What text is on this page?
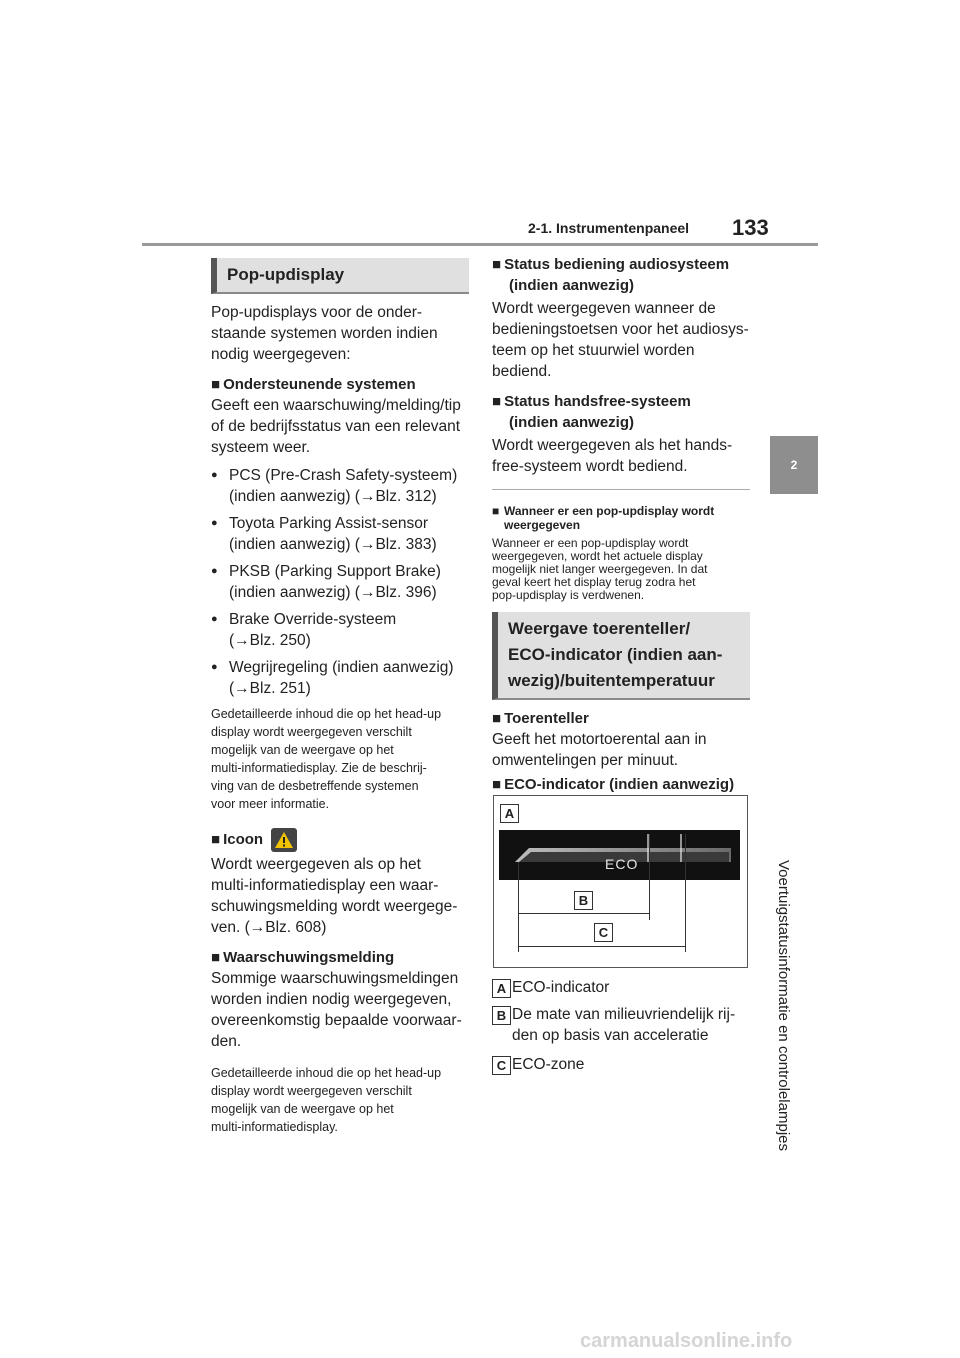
2-1. Instrumentenpaneel 133
2
Voertuigstatusinformatie en controlelampjes
Pop-updisplay

Pop-updisplays voor de onder-

staande systemen worden indien

nodig weergegeven:

■ Ondersteunende systemen

Geeft een waarschuwing/melding/tip

of de bedrijfsstatus van een relevant

systeem weer.

● PCS (Pre-Crash Safety-systeem)
(indien aanwezig) (→Blz. 312)
● Toyota Parking Assist-sensor
(indien aanwezig) (→Blz. 383)
● PKSB (Parking Support Brake)
(indien aanwezig) (→Blz. 396)
● Brake Override-systeem
(→Blz. 250)
● Wegrijregeling (indien aanwezig)
(→Blz. 251)

Gedetailleerde inhoud die op het head-up

display wordt weergegeven verschilt

mogelijk van de weergave op het

multi-informatiedisplay. Zie de beschrij-

ving van de desbetreffende systemen

voor meer informatie.

■ Icoon

Wordt weergegeven als op het

multi-informatiedisplay een waar-

schuwingsmelding wordt weergege-

ven. (→Blz. 608)

■ Waarschuwingsmelding

Sommige waarschuwingsmeldingen

worden indien nodig weergegeven,

overeenkomstig bepaalde voorwaar-

den.

Gedetailleerde inhoud die op het head-up

display wordt weergegeven verschilt

mogelijk van de weergave op het

multi-informatiedisplay.

■ Status bediening audiosysteem
(indien aanwezig)

Wordt weergegeven wanneer de

bedieningstoetsen voor het audiosys-

teem op het stuurwiel worden

bediend.

■ Status handsfree-systeem
(indien aanwezig)

Wordt weergegeven als het hands-

free-systeem wordt bediend.

■ Wanneer er een pop-updisplay wordt
weergegeven
Wanneer er een pop-updisplay wordt
weergegeven, wordt het actuele display
mogelijk niet langer weergegeven. In dat
geval keert het display terug zodra het
pop-updisplay is verdwenen.
Weergave toerenteller/
ECO-indicator (indien aan-
wezig)/buitentemperatuur
■ Toerenteller

Geeft het motortoerental aan in

omwentelingen per minuut.

■ ECO-indicator (indien aanwezig)
A
ECO
B
C
A ECO-indicator

B De mate van milieuvriendelijk rij-

den op basis van acceleratie

C ECO-zone

carmanualsonline.info
